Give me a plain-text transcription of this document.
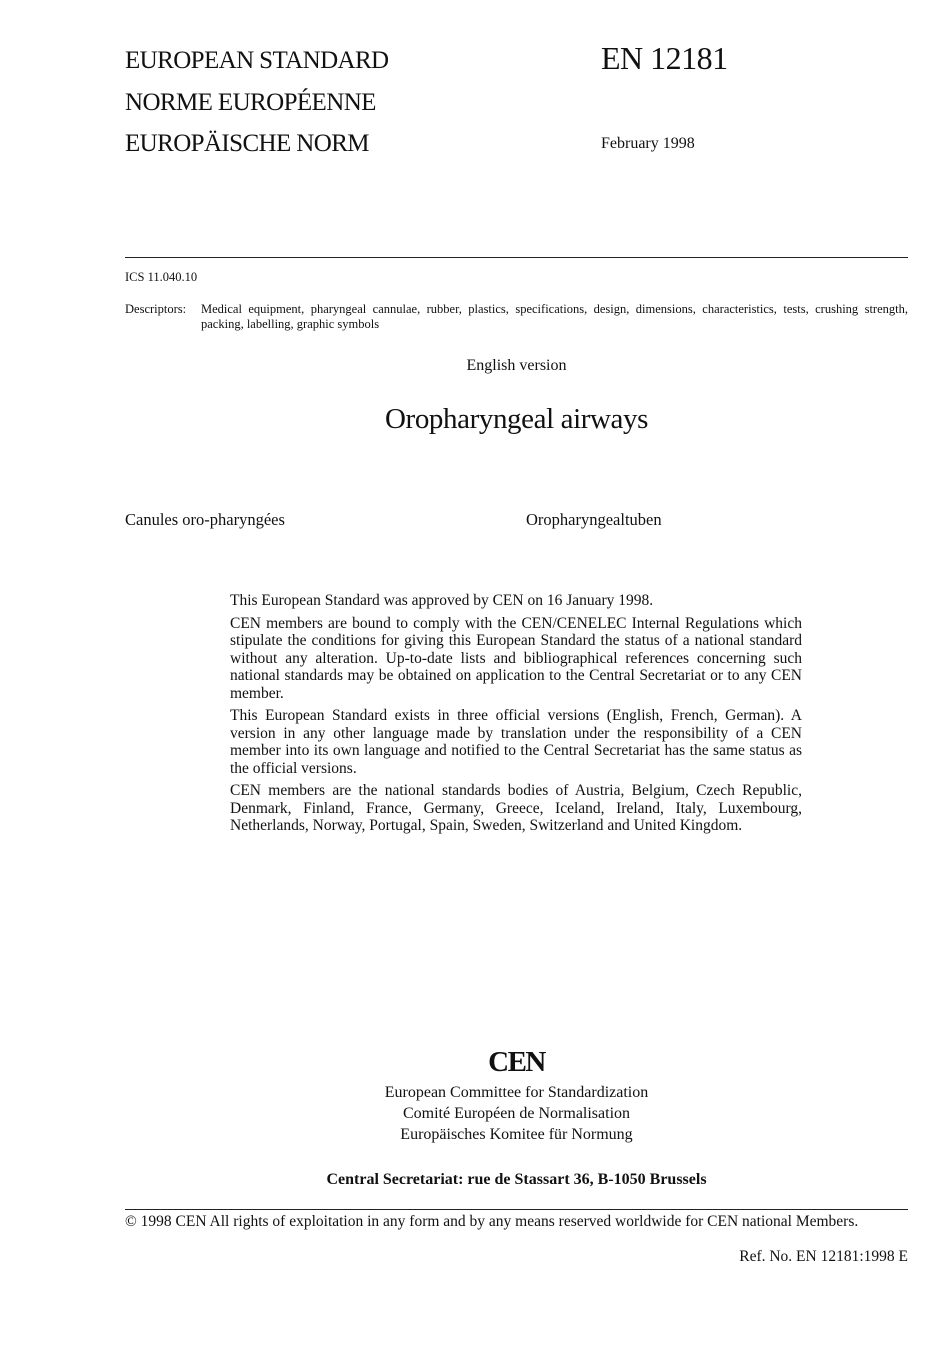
EUROPEAN STANDARD
NORME EUROPÉENNE
EUROPÄISCHE NORM
EN 12181
February 1998
ICS 11.040.10
Descriptors: Medical equipment, pharyngeal cannulae, rubber, plastics, specifications, design, dimensions, characteristics, tests, crushing strength, packing, labelling, graphic symbols
English version
Oropharyngeal airways
Canules oro-pharyngées	Oropharyngealtuben

This European Standard was approved by CEN on 16 January 1998.

CEN members are bound to comply with the CEN/CENELEC Internal Regulations which stipulate the conditions for giving this European Standard the status of a national standard without any alteration. Up-to-date lists and bibliographical references concerning such national standards may be obtained on application to the Central Secretariat or to any CEN member.

This European Standard exists in three official versions (English, French, German). A version in any other language made by translation under the responsibility of a CEN member into its own language and notified to the Central Secretariat has the same status as the official versions.

CEN members are the national standards bodies of Austria, Belgium, Czech Republic, Denmark, Finland, France, Germany, Greece, Iceland, Ireland, Italy, Luxembourg, Netherlands, Norway, Portugal, Spain, Sweden, Switzerland and United Kingdom.

CEN
European Committee for Standardization
Comité Européen de Normalisation
Europäisches Komitee für Normung
Central Secretariat: rue de Stassart 36, B-1050 Brussels
© 1998 CEN All rights of exploitation in any form and by any means reserved worldwide for CEN national Members.
Ref. No. EN 12181:1998 E
